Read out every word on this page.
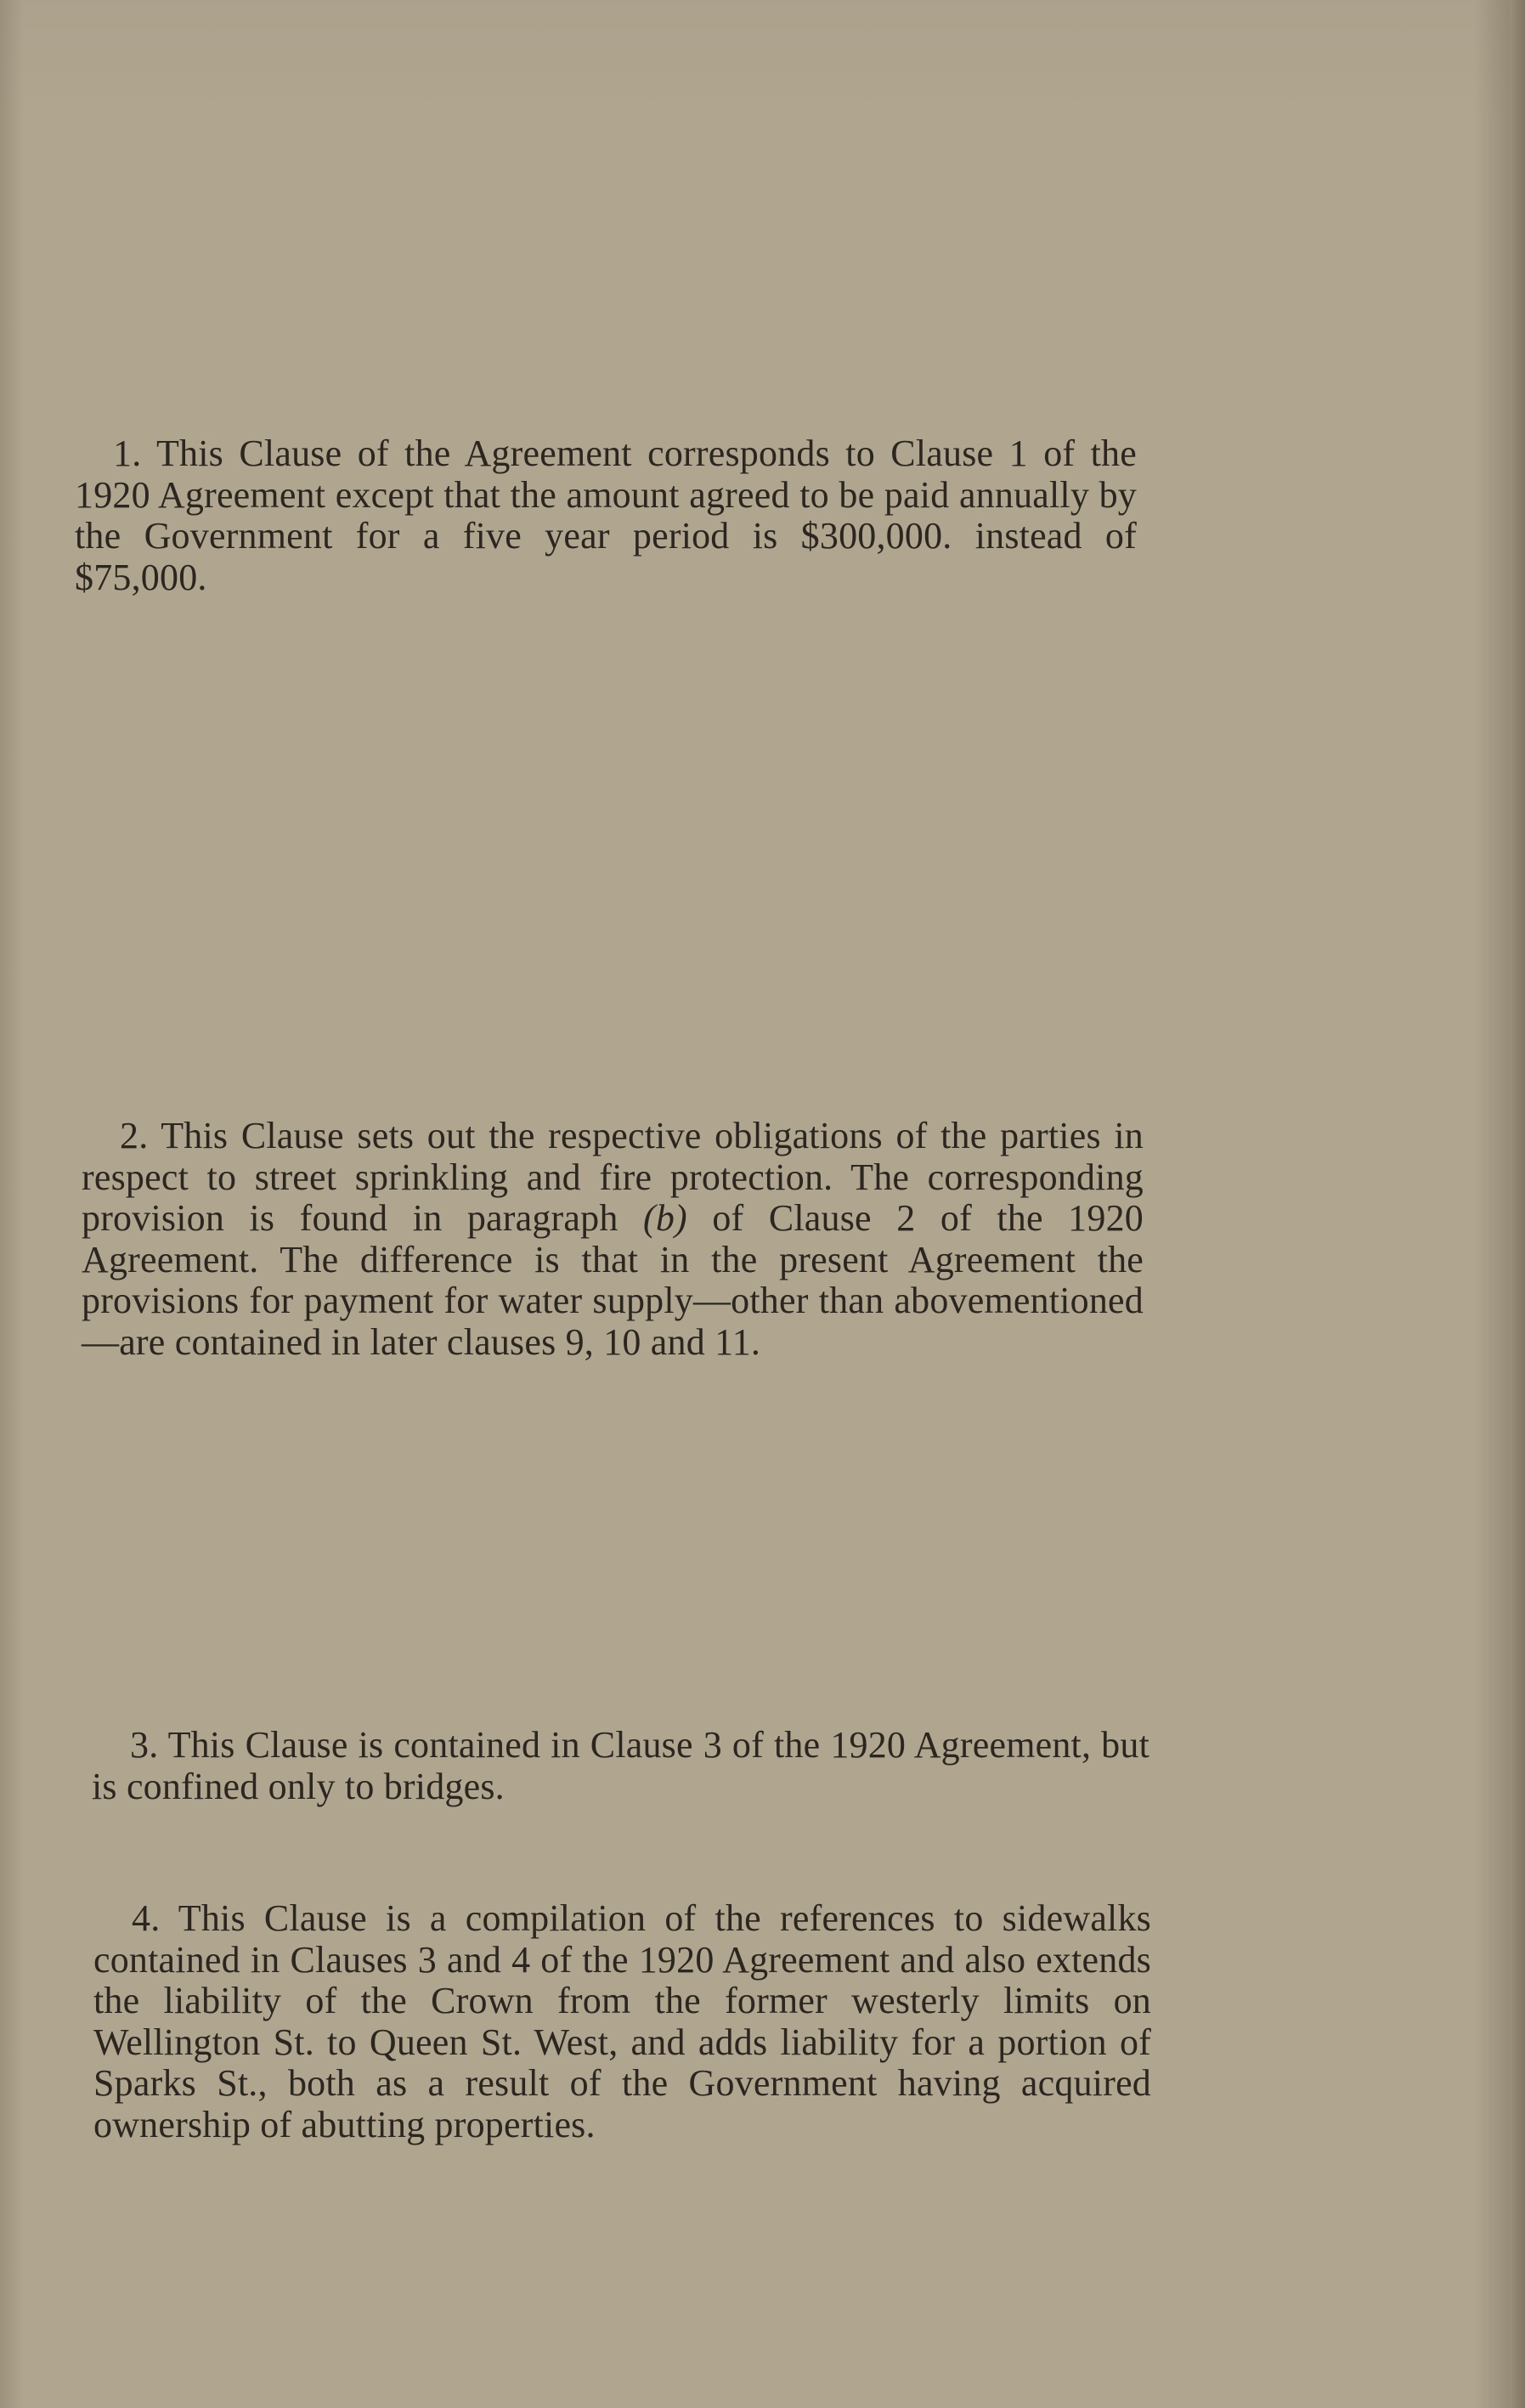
1. This Clause of the Agreement corresponds to Clause 1 of the 1920 Agreement except that the amount agreed to be paid annually by the Government for a five year period is $300,000. instead of $75,000.

2. This Clause sets out the respective obligations of the parties in respect to street sprinkling and fire protection. The corresponding provision is found in paragraph (b) of Clause 2 of the 1920 Agreement. The difference is that in the present Agreement the provisions for payment for water supply—other than abovementioned—are contained in later clauses 9, 10 and 11.

3. This Clause is contained in Clause 3 of the 1920 Agreement, but is confined only to bridges.

4. This Clause is a compilation of the references to sidewalks contained in Clauses 3 and 4 of the 1920 Agreement and also extends the liability of the Crown from the former westerly limits on Wellington St. to Queen St. West, and adds liability for a portion of Sparks St., both as a result of the Government having acquired ownership of abutting properties.
